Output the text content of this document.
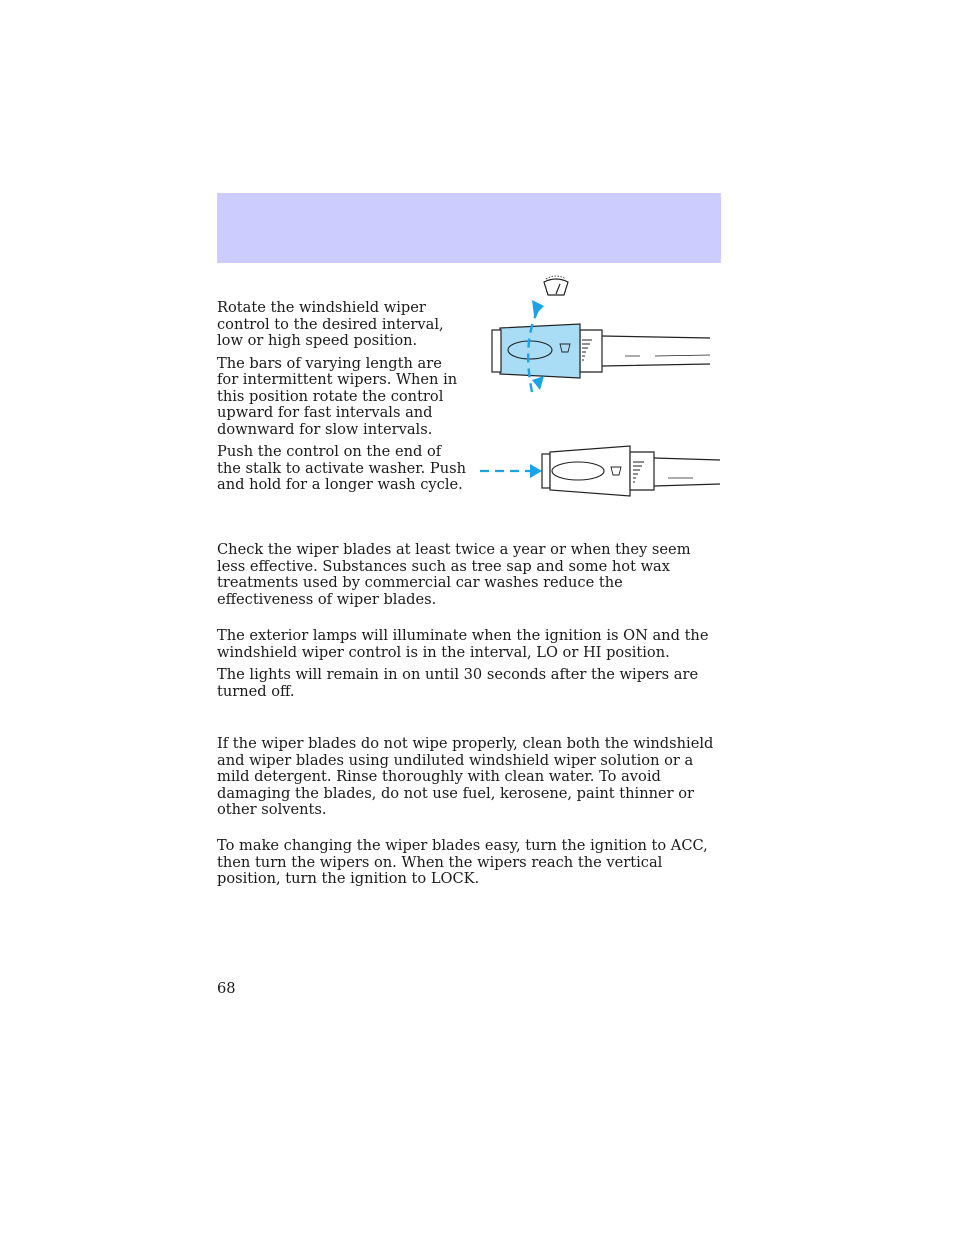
Rotate the windshield wiper control to the desired interval, low or high speed position.

The bars of varying length are for intermittent wipers. When in this position rotate the control upward for fast intervals and downward for slow intervals.

Push the control on the end of the stalk to activate washer. Push and hold for a longer wash cycle.

Check the wiper blades at least twice a year or when they seem less effective. Substances such as tree sap and some hot wax treatments used by commercial car washes reduce the effectiveness of wiper blades.

The exterior lamps will illuminate when the ignition is ON and the windshield wiper control is in the interval, LO or HI position.

The lights will remain in on until 30 seconds after the wipers are turned off.

If the wiper blades do not wipe properly, clean both the windshield and wiper blades using undiluted windshield wiper solution or a mild detergent. Rinse thoroughly with clean water. To avoid damaging the blades, do not use fuel, kerosene, paint thinner or other solvents.

To make changing the wiper blades easy, turn the ignition to ACC, then turn the wipers on. When the wipers reach the vertical position, turn the ignition to LOCK.

68
